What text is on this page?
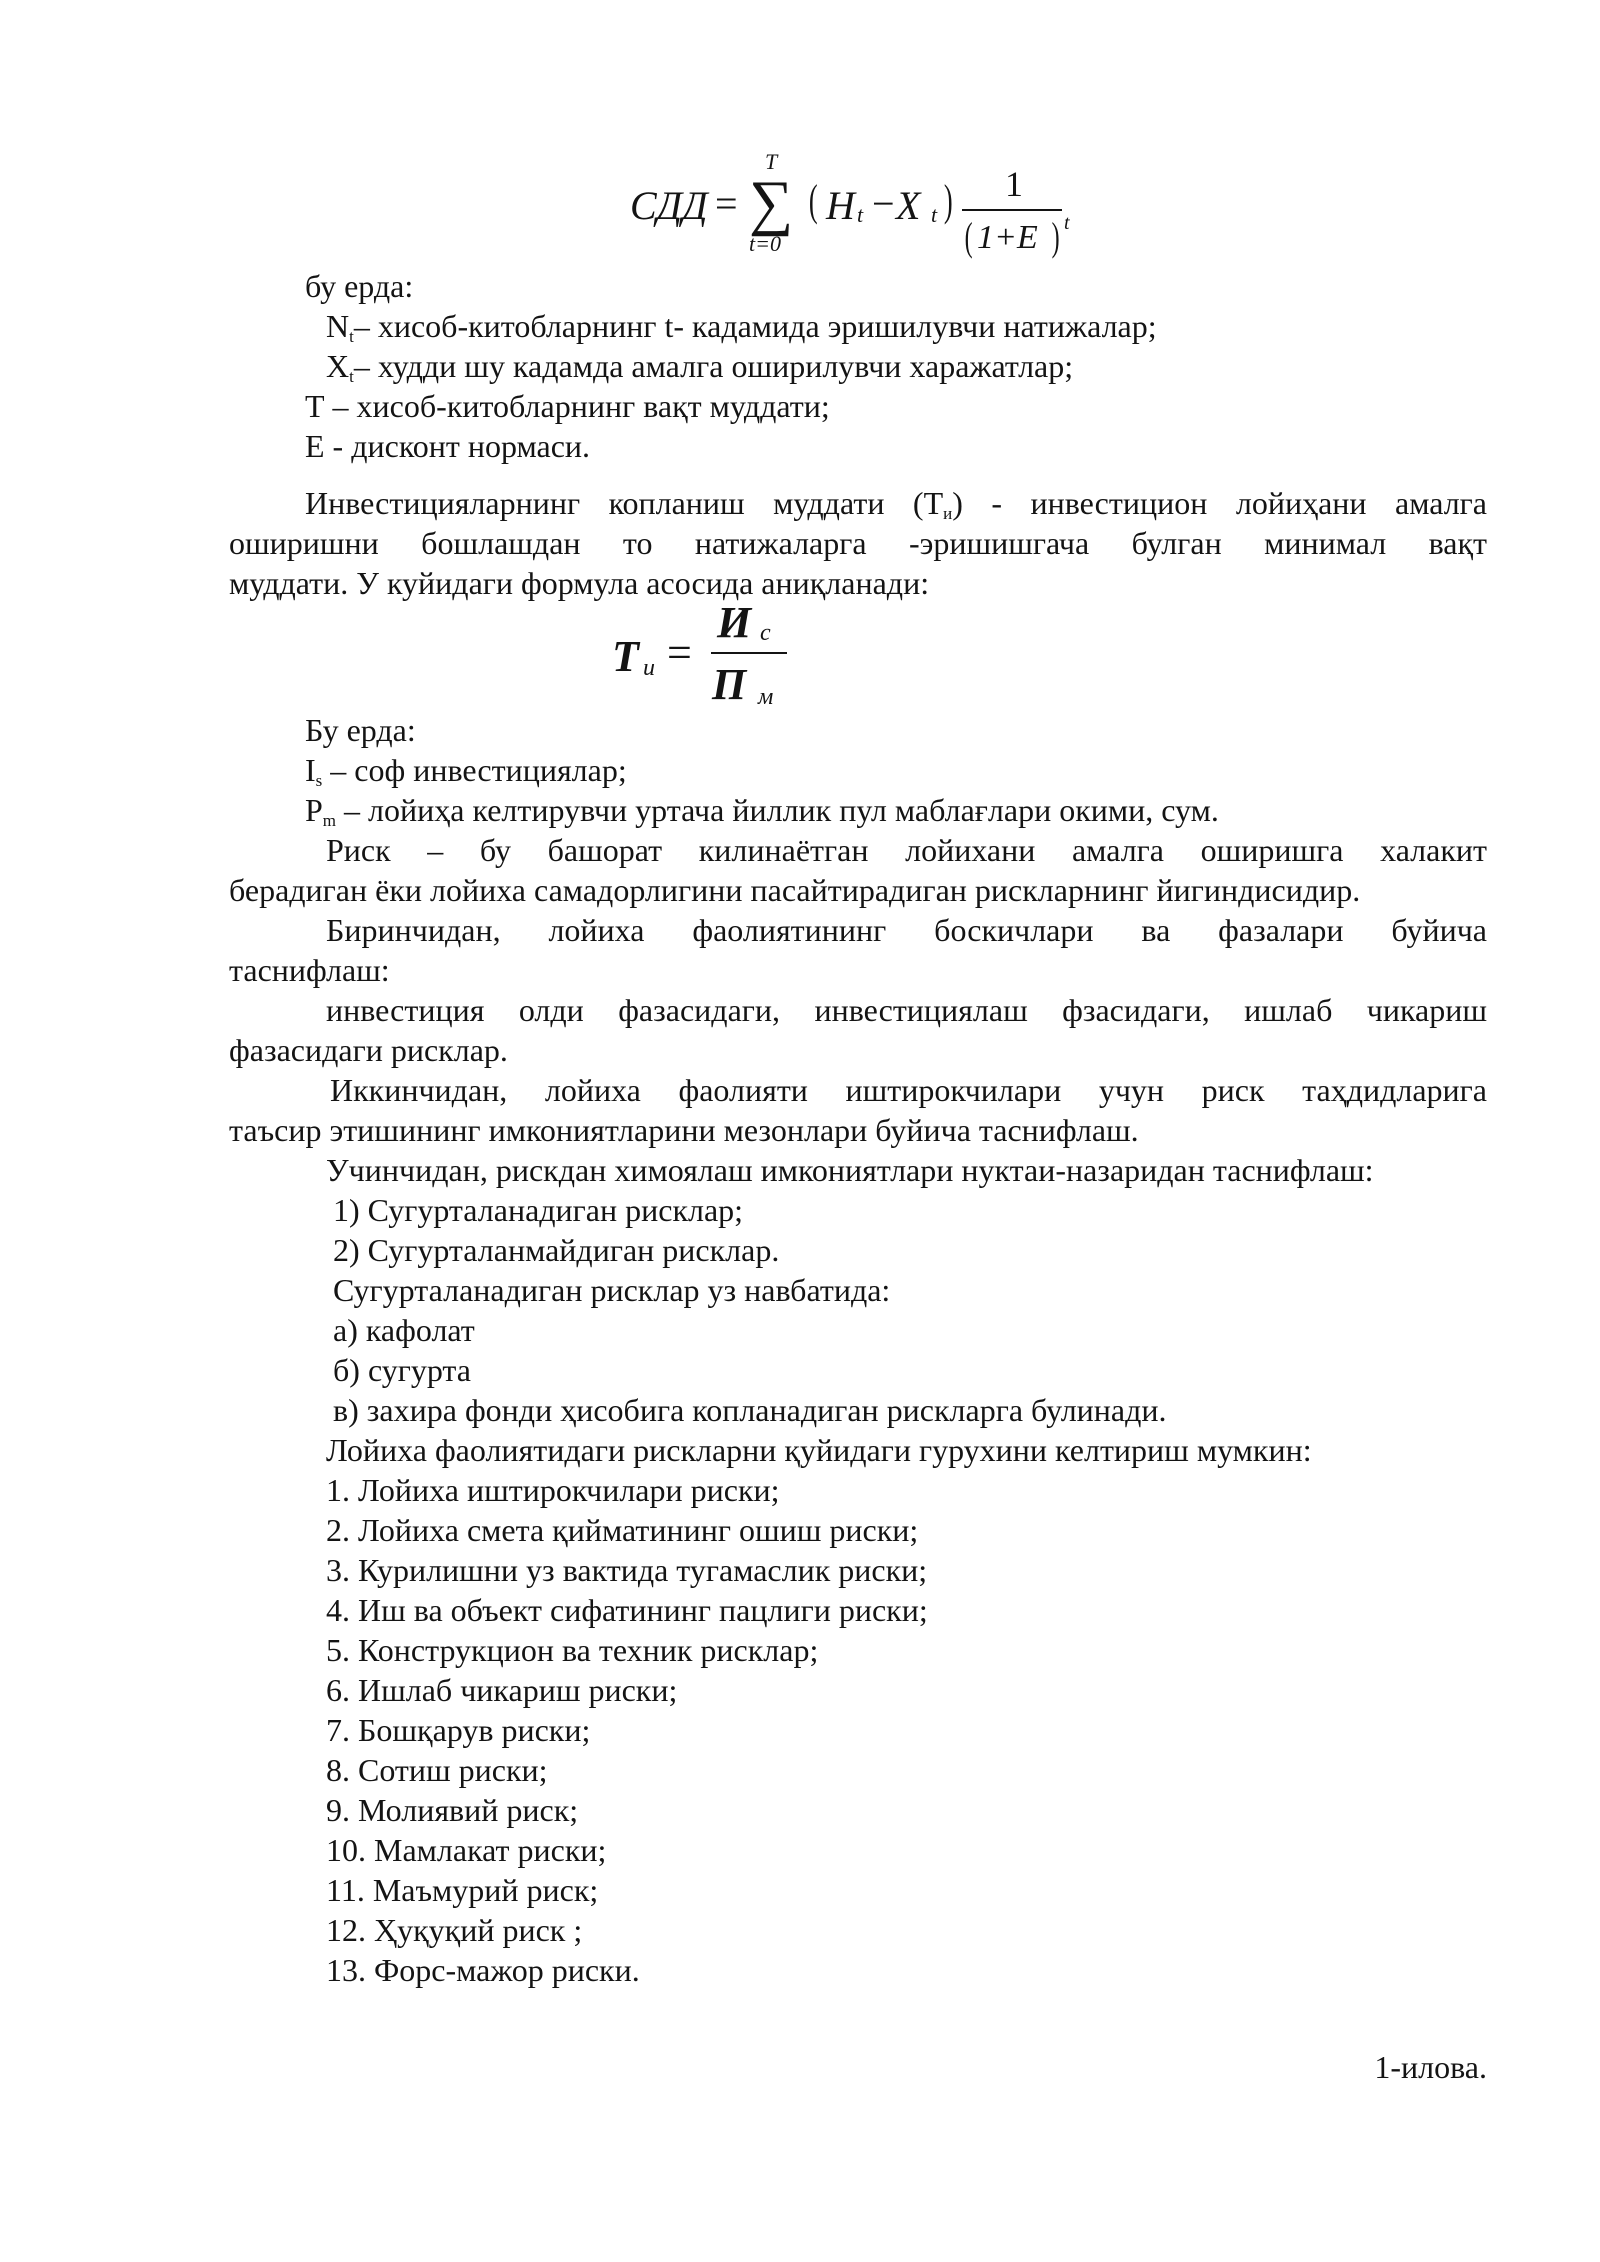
СДД = ∑
T
t=0
( H t − X t ) 1
( 1+E ) t
бу ерда:
$N_t-$ хисоб-китобларнинг t- кадамида эришилувчи натижалар;
$Х_t-$ худди шу кадамда амалга оширилувчи харажатлар;
Т – хисоб-китобларнинг вақт муддати;
Е - дисконт нормаси.
Инвестицияларнинг копланиш муддати $(Т_и)$ - инвестицион лойиҳани амалга
оширишни бошлашдан то натижаларга -эришишгача булган минимал вақт
муддати. У куйидаги формула асосида аниқланади:
T и =
И с
П м
Бу ерда:
$I_s$ – соф инвестициялар;
$P_m$ – лойиҳа келтирувчи уртача йиллик пул маблағлари окими, сум.
Риск – бу башорат килинаётган лойихани амалга оширишга халакит
берадиган ёки лойиха самадорлигини пасайтирадиган рискларнинг йигиндисидир.
Биринчидан, лойиха фаолиятининг боскичлари ва фазалари буйича
таснифлаш:
инвестиция олди фазасидаги, инвестициялаш фзасидаги, ишлаб чикариш
фазасидаги рисклар.
Иккинчидан, лойиха фаолияти иштирокчилари учун риск таҳдидларига
таъсир этишининг имкониятларини мезонлари буйича таснифлаш.
Учинчидан, рискдан химоялаш имкониятлари нуктаи-назаридан таснифлаш:
1) Сугурталанадиган рисклар;
2) Сугурталанмайдиган рисклар.
Сугурталанадиган рисклар уз навбатида:
а) кафолат
б) сугурта
в) захира фонди ҳисобига копланадиган рискларга булинади.
Лойиха фаолиятидаги рискларни қуйидаги гурухини келтириш мумкин:
1. Лойиха иштирокчилари риски;
2. Лойиха смета қийматининг ошиш риски;
3. Курилишни уз вактида тугамаслик риски;
4. Иш ва объект сифатининг пацлиги риски;
5. Конструкцион ва техник рисклар;
6. Ишлаб чикариш риски;
7. Бошқарув риски;
8. Сотиш риски;
9. Молиявий риск;
10. Мамлакат риски;
11. Маъмурий риск;
12. Ҳуқуқий риск ;
13. Форс-мажор риски.
1-илова.
